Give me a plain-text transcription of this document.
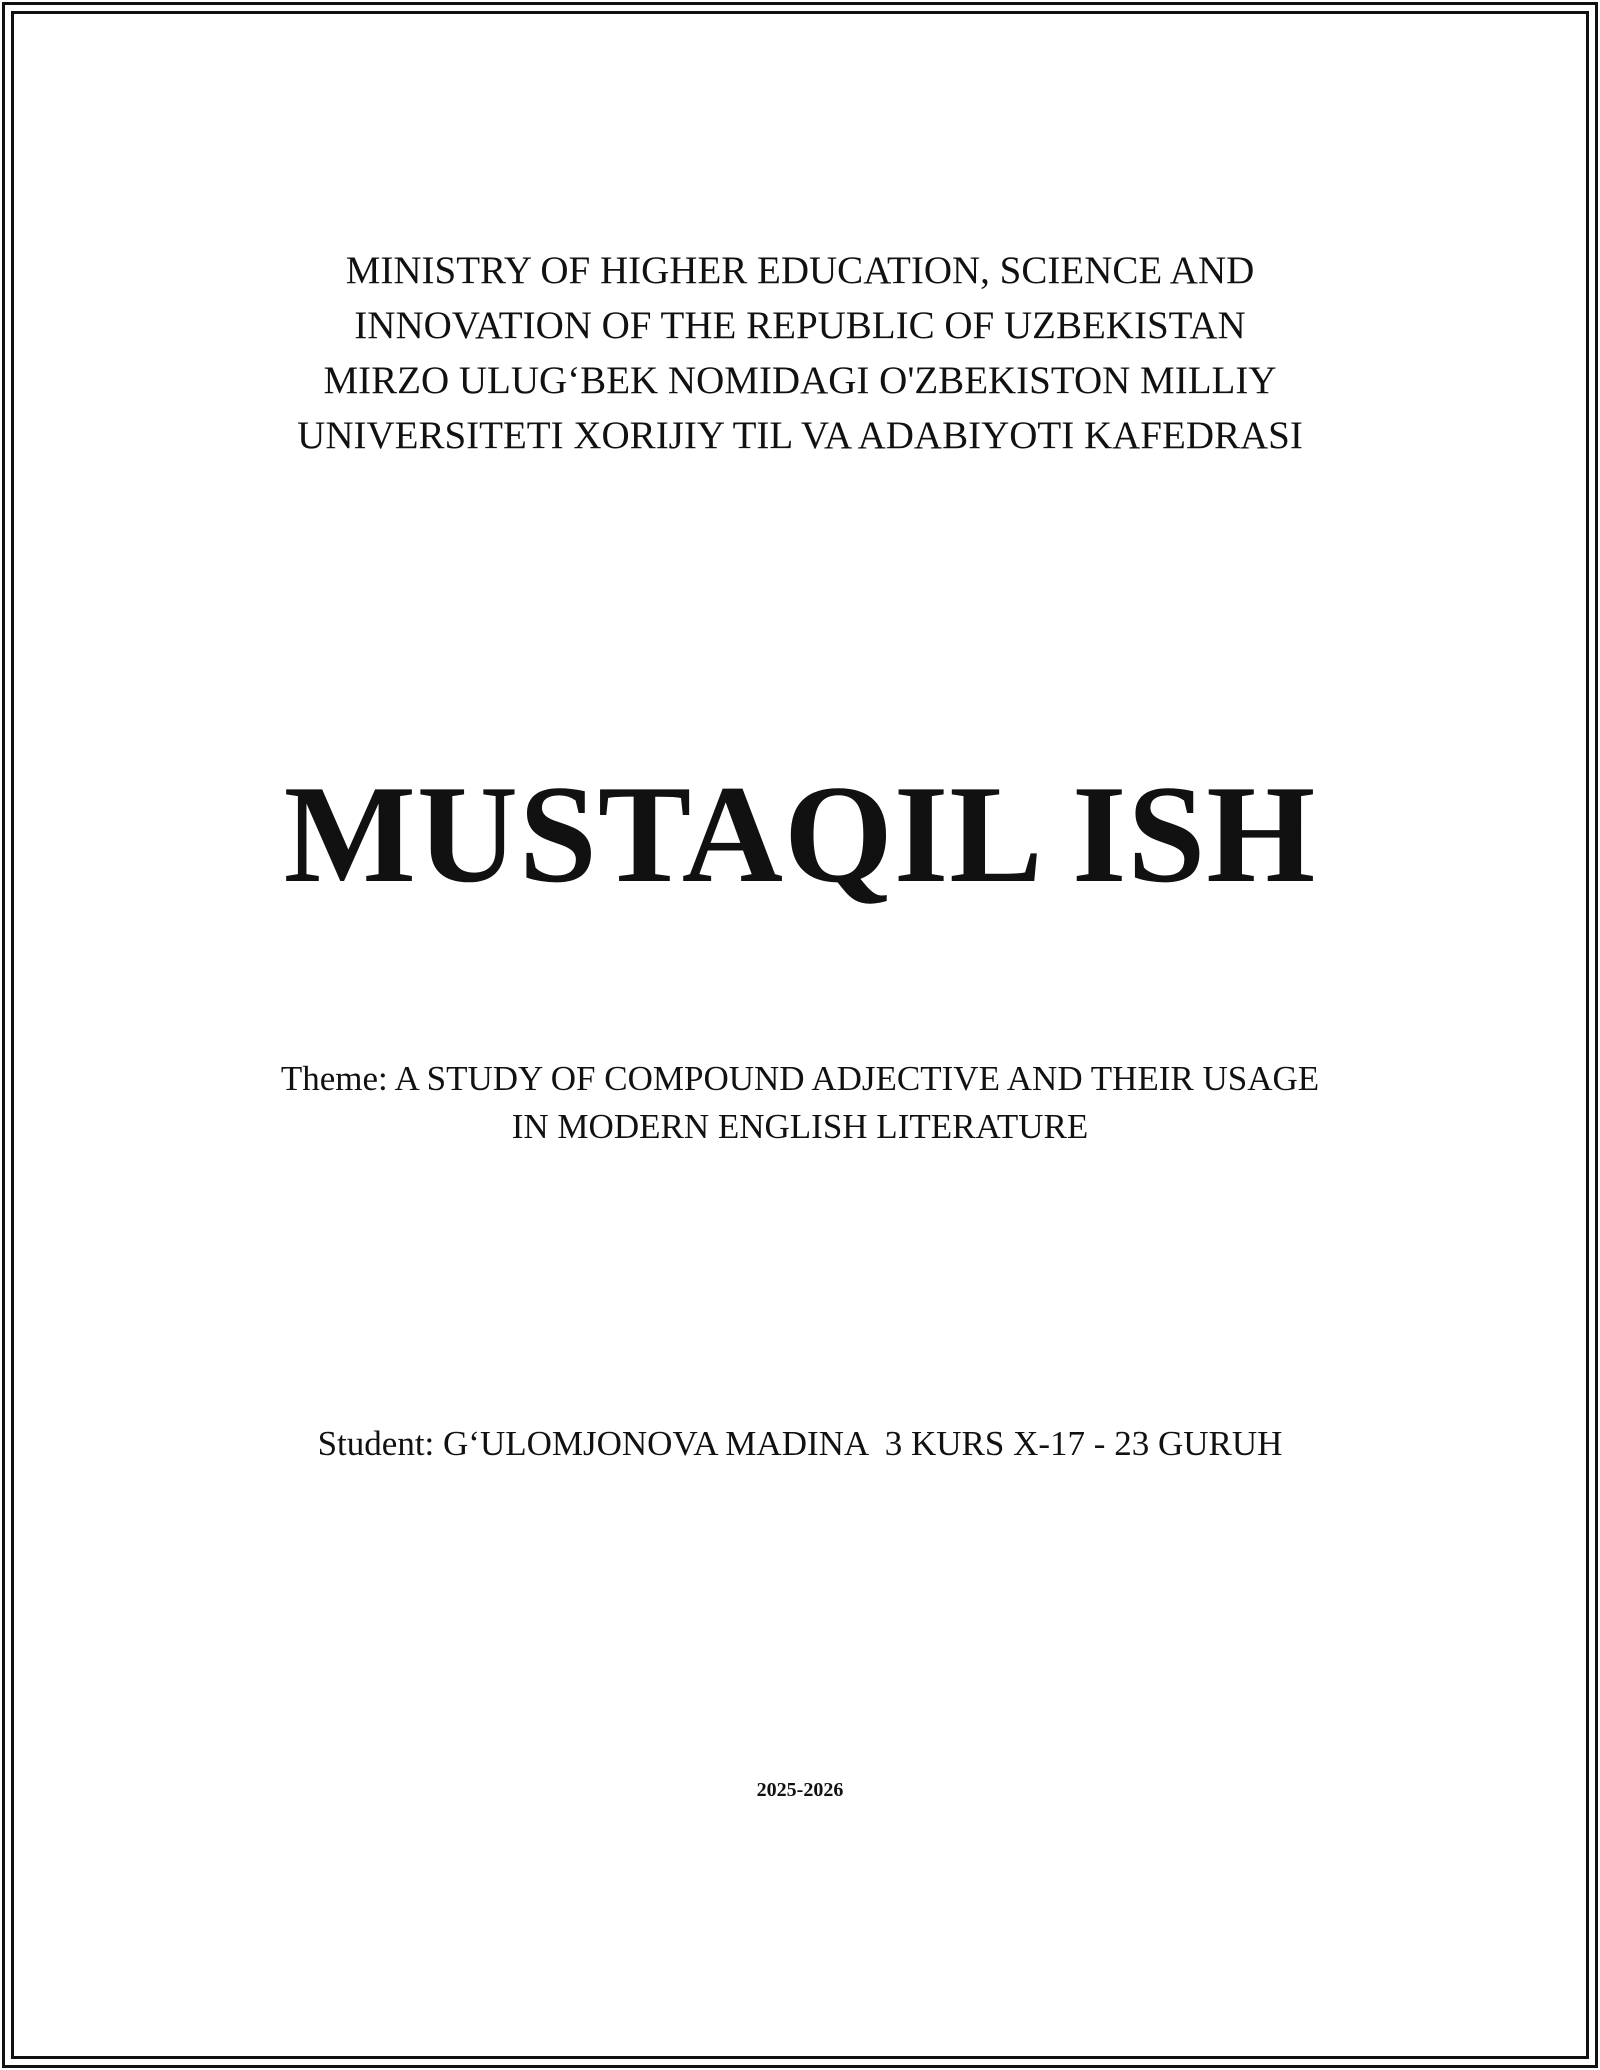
MINISTRY OF HIGHER EDUCATION, SCIENCE AND
INNOVATION OF THE REPUBLIC OF UZBEKISTAN
MIRZO ULUG‘BEK NOMIDAGI O'ZBEKISTON MILLIY
UNIVERSITETI XORIJIY TIL VA ADABIYOTI KAFEDRASI
MUSTAQIL ISH
Theme: A STUDY OF COMPOUND ADJECTIVE AND THEIR USAGE
IN MODERN ENGLISH LITERATURE
Student: G‘ULOMJONOVA MADINA  3 KURS X-17 - 23 GURUH
2025-2026
